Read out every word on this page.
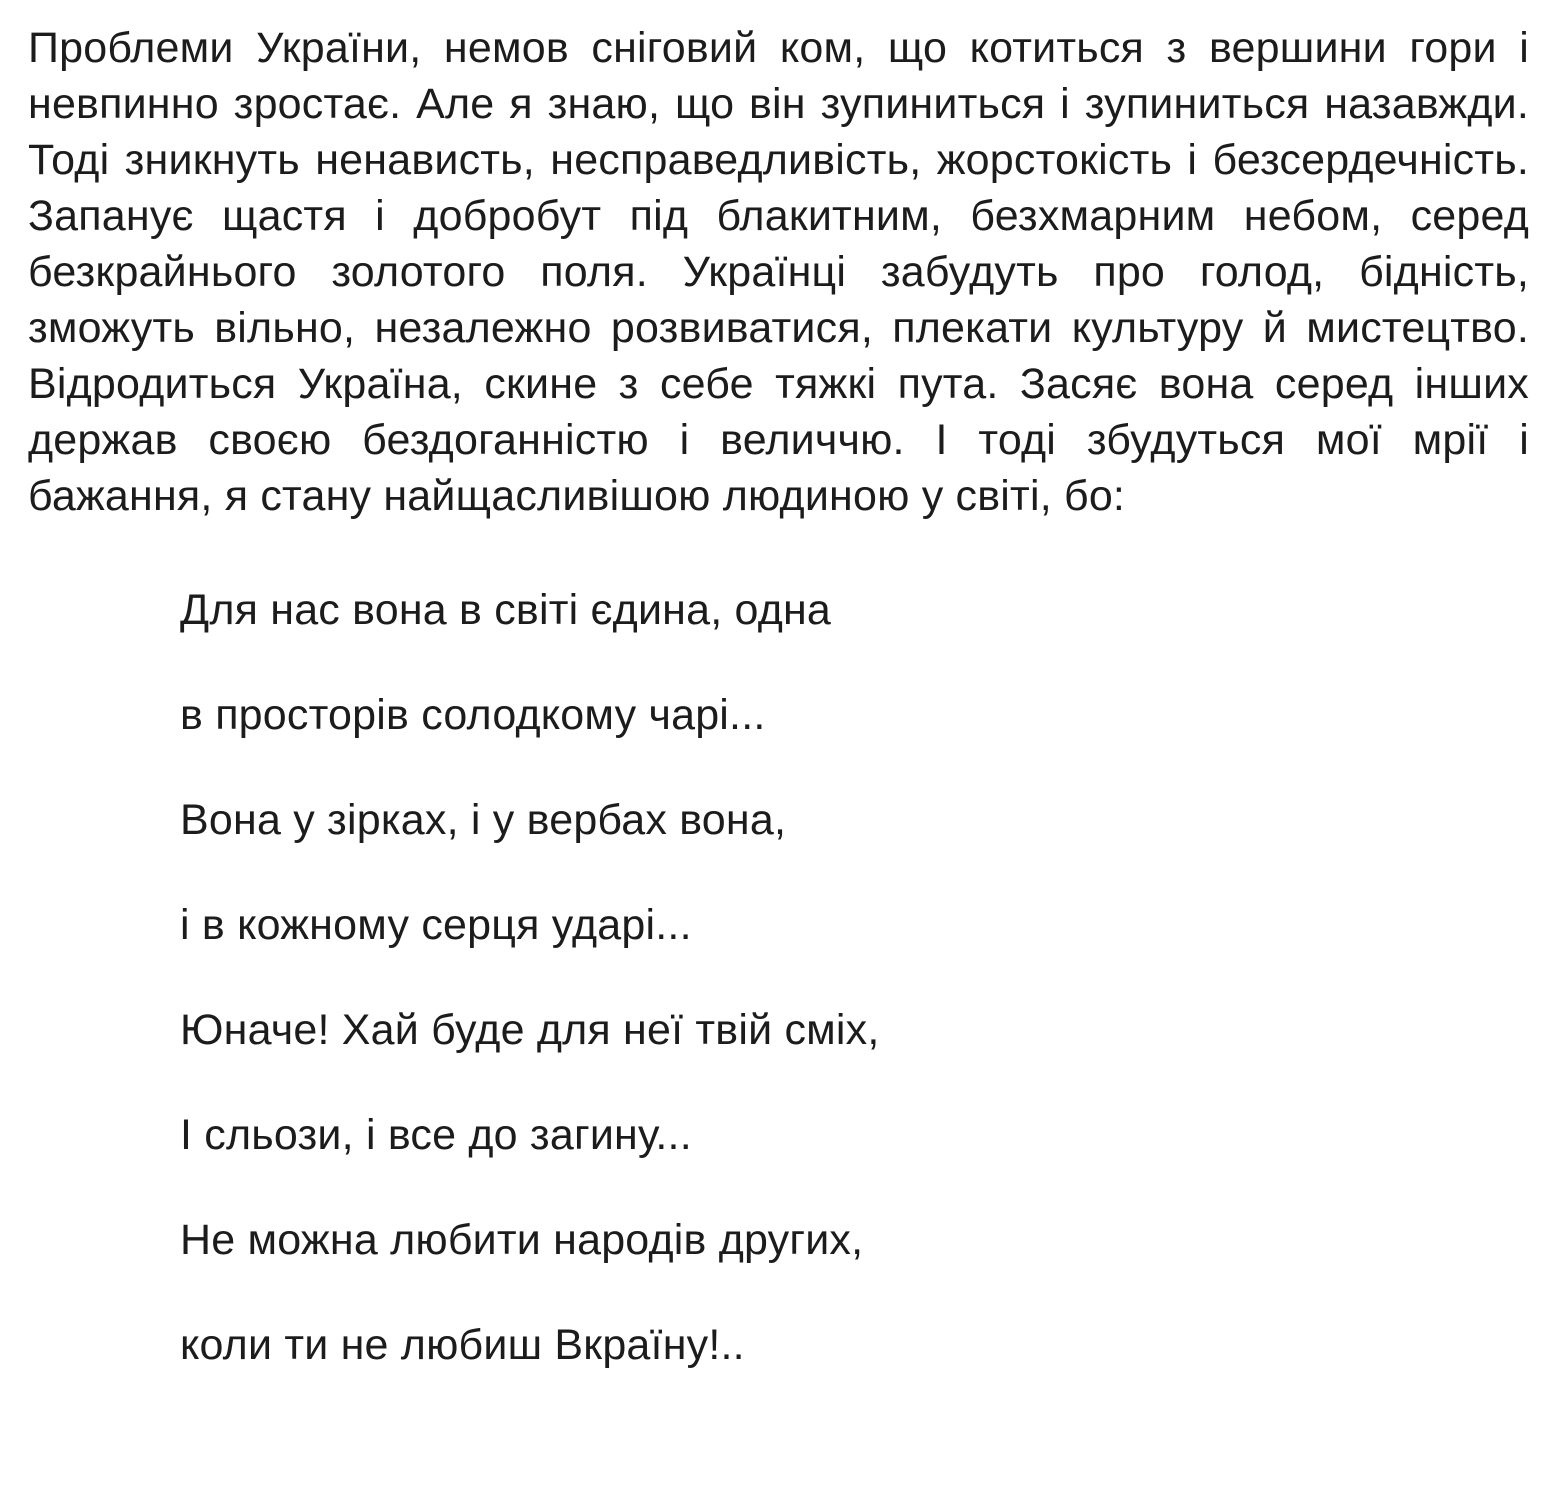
Проблеми України, немов сніговий ком, що котиться з вершини гори і невпинно зростає. Але я знаю, що він зупиниться і зупиниться назавжди. Тоді зникнуть ненависть, несправедливість, жорстокість і безсердечність. Запанує щастя і добробут під блакитним, безхмарним небом, серед безкрайнього золотого поля. Українці забудуть про голод, бідність, зможуть вільно, незалежно розвиватися, плекати культуру й мистецтво. Відродиться Україна, скине з себе тяжкі пута. Засяє вона серед інших держав своєю бездоганністю і величчю. І тоді збудуться мої мрії і бажання, я стану найщасливішою людиною у світі, бо:

Для нас вона в світі єдина, одна
в просторів солодкому чарі...
Вона у зірках, і у вербах вона,
і в кожному серця ударі...
Юначе! Хай буде для неї твій сміх,
І сльози, і все до загину...
Не можна любити народів других,
коли ти не любиш Вкраїну!..
